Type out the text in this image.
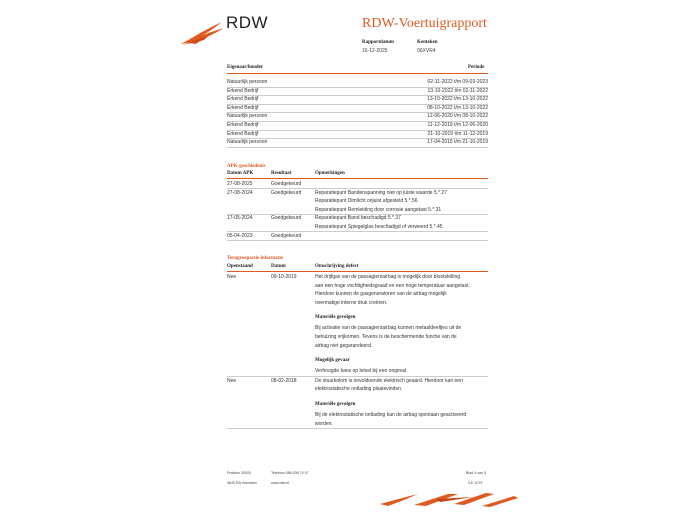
RDW	RDW-Voertuigrapport
Rapportdatum
16-12-2025
Kenteken
06XVR4
Eigenaar/houder	Periode
Natuurlijk persoon	02-11-2022 t/m 09-03-2023
Erkend Bedrijf	13-10-2022 t/m 02-11-2022
Erkend Bedrijf	13-10-2022 t/m 13-10-2022
Erkend Bedrijf	08-10-2022 t/m 13-10-2022
Natuurlijk persoon	12-06-2020 t/m 08-10-2022
Erkend Bedrijf	11-12-2019 t/m 12-06-2020
Erkend Bedrijf	21-10-2019 t/m 11-12-2019
Natuurlijk persoon	17-04-2015 t/m 21-10-2019
APK-geschiedenis
Datum APK	Resultaat	Opmerkingen
27-08-2025	Goedgekeurd
27-08-2024	Goedgekeurd	Reparatiepunt Bandenspanning niet op juiste waarde 5.*.27
Reparatiepunt Dimlicht onjuist afgesteld 5.*.56
Reparatiepunt Remleiding door corrosie aangetast 5.*.31
17-05-2024	Goedgekeurd	Reparatiepunt Band beschadigd 5.*.37
Reparatiepunt Spiegelglas beschadigd of verweerd 5.*.45
05-04-2023	Goedgekeurd
Terugroepactie informatie
Openstaand	Datum	Omschrijving defect
Nee	09-10-2019	Het drijfgas van de passagiersairbag is mogelijk door blootstelling
aan een hoge vochtigheidsgraad en een hoge temperatuur aangetast.
Hierdoor kunnen de gasgeneratoren van de airbag mogelijk
overmatige interne druk creëren.
Materiële gevolgen
Bij activatie van de passagiersairbag kunnen metaaldeeltjes uit de
behuizing vrijkomen. Tevens is de beschermende functie van de
airbag niet gegarandeerd.
Mogelijk gevaar
Verhoogde kans op letsel bij een ongeval
Nee	08-02-2018	De stuurkolom is onvoldoende elektrisch geaard. Hierdoor kan een
elektrostatische ontlading plaatsvinden.
Materiële gevolgen
Bij de elektrostatische ontlading kan de airbag spontaan geactiveerd
worden.
Postbus 30000
9640 RA Veendam
Telefoon 088 008 74 47
www.rdw.nl
Blad 4 van 5
3.E 1079
